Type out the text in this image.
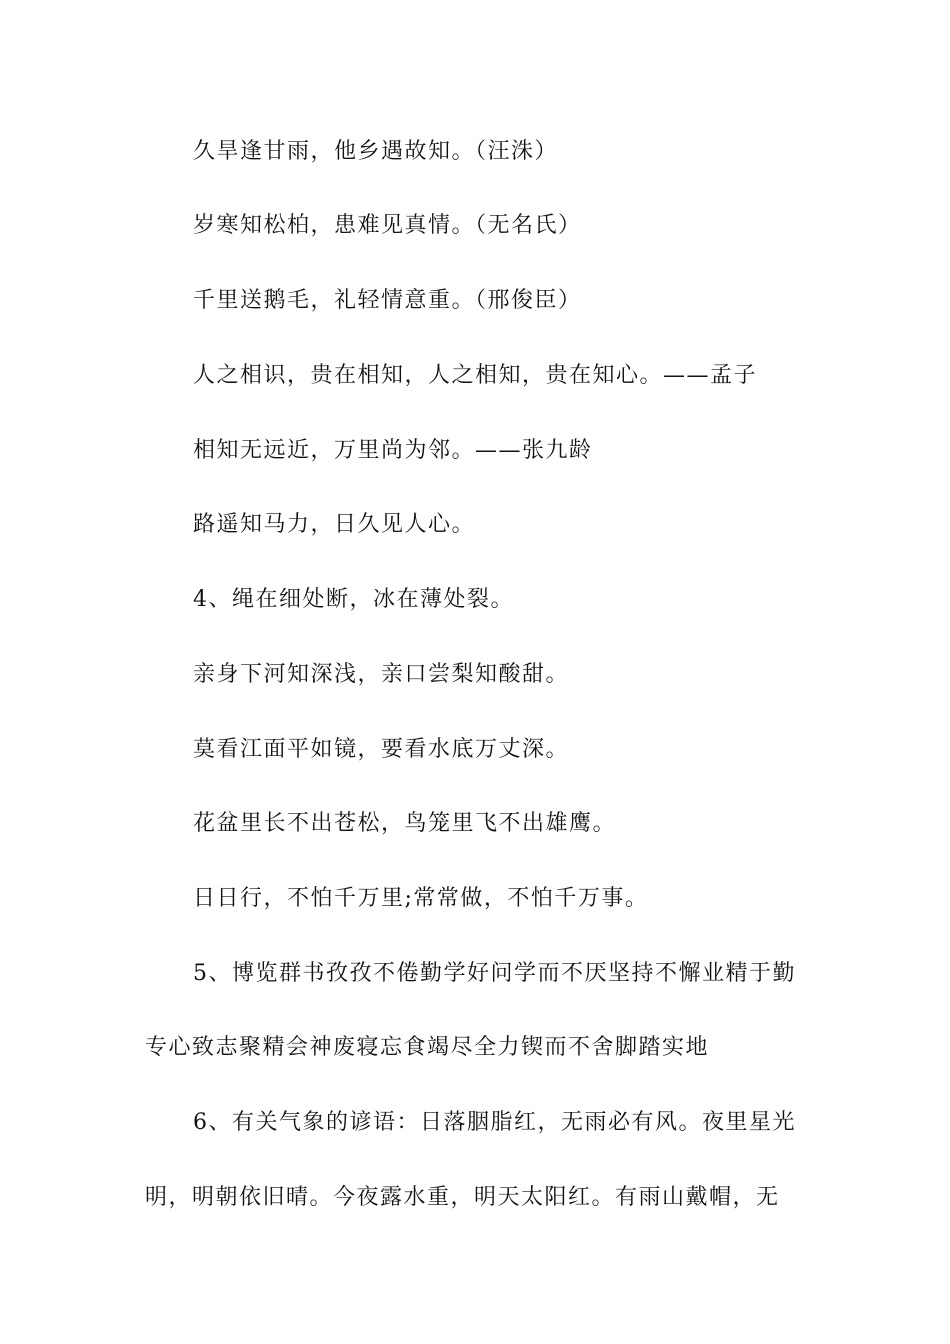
久旱逢甘雨，他乡遇故知。（汪洙）
岁寒知松柏，患难见真情。（无名氏）
千里送鹅毛，礼轻情意重。（邢俊臣）
人之相识，贵在相知，人之相知，贵在知心。——孟子
相知无远近，万里尚为邻。——张九龄
路遥知马力，日久见人心。
4、绳在细处断，冰在薄处裂。
亲身下河知深浅，亲口尝梨知酸甜。
莫看江面平如镜，要看水底万丈深。
花盆里长不出苍松，鸟笼里飞不出雄鹰。
日日行，不怕千万里;常常做，不怕千万事。
5、博览群书孜孜不倦勤学好问学而不厌坚持不懈业精于勤
专心致志聚精会神废寝忘食竭尽全力锲而不舍脚踏实地
6、有关气象的谚语：日落胭脂红，无雨必有风。夜里星光
明，明朝依旧晴。今夜露水重，明天太阳红。有雨山戴帽，无
